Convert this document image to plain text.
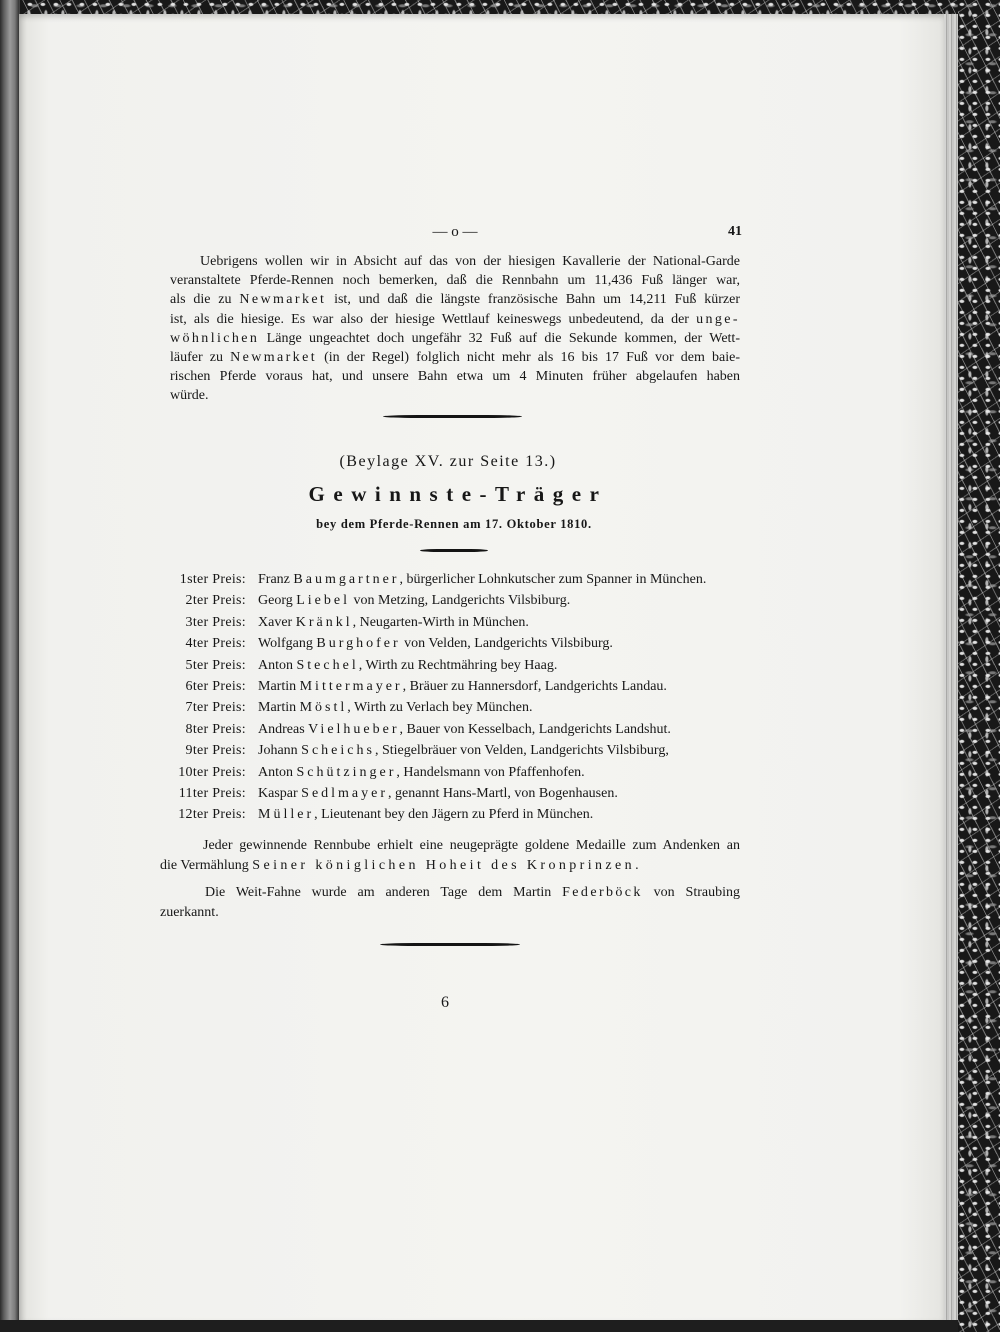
— o —	41
Uebrigens wollen wir in Absicht auf das von der hiesigen Kavallerie der National-Garde
veranstaltete Pferde-Rennen noch bemerken, daß die Rennbahn um 11,436 Fuß länger war,
als die zu Newmarket ist, und daß die längste französische Bahn um 14,211 Fuß kürzer
ist, als die hiesige. Es war also der hiesige Wettlauf keineswegs unbedeutend, da der unge-
wöhnlichen Länge ungeachtet doch ungefähr 32 Fuß auf die Sekunde kommen, der Wett-
läufer zu Newmarket (in der Regel) folglich nicht mehr als 16 bis 17 Fuß vor dem baie-
rischen Pferde voraus hat, und unsere Bahn etwa um 4 Minuten früher abgelaufen haben
würde.
(Beylage XV. zur Seite 13.)
Gewinnste-Träger
bey dem Pferde-Rennen am 17. Oktober 1810.
1ster Preis: Franz Baumgartner, bürgerlicher Lohnkutscher zum Spanner in München.
2ter Preis: Georg Liebel von Metzing, Landgerichts Vilsbiburg.
3ter Preis: Xaver Kränkl, Neugarten-Wirth in München.
4ter Preis: Wolfgang Burghofer von Velden, Landgerichts Vilsbiburg.
5ter Preis: Anton Stechel, Wirth zu Rechtmähring bey Haag.
6ter Preis: Martin Mittermayer, Bräuer zu Hannersdorf, Landgerichts Landau.
7ter Preis: Martin Möstl, Wirth zu Verlach bey München.
8ter Preis: Andreas Vielhueber, Bauer von Kesselbach, Landgerichts Landshut.
9ter Preis: Johann Scheichs, Stiegelbräuer von Velden, Landgerichts Vilsbiburg,
10ter Preis: Anton Schützinger, Handelsmann von Pfaffenhofen.
11ter Preis: Kaspar Sedlmayer, genannt Hans-Martl, von Bogenhausen.
12ter Preis: Müller, Lieutenant bey den Jägern zu Pferd in München.
Jeder gewinnende Rennbube erhielt eine neugeprägte goldene Medaille zum Andenken an
die Vermählung Seiner königlichen Hoheit des Kronprinzen.
Die Weit-Fahne wurde am anderen Tage dem Martin Federböck von Straubing
zuerkannt.
6
